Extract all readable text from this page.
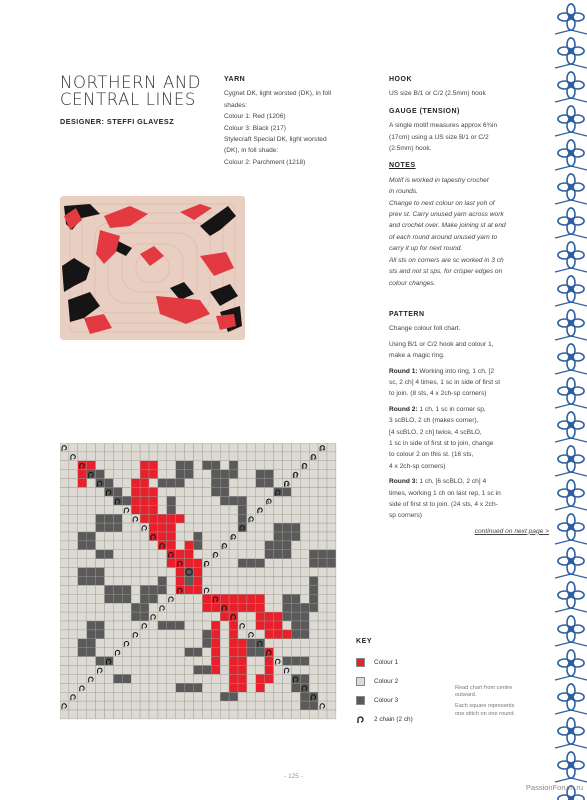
NORTHERN AND
CENTRAL LINES
DESIGNER: STEFFI GLAVESZ
YARN

Cygnet DK, light worsted (DK), in foll

shades:

Colour 1: Red (1206)

Colour 3: Black (217)

Stylecraft Special DK, light worsted

(DK), in foll shade:

Colour 2: Parchment (1218)

HOOK

US size B/1 or C/2 (2.5mm) hook

GAUGE (TENSION)

A single motif measures approx 6¾in

(17cm) using a US size B/1 or C/2

(2.5mm) hook.

NOTES

Motif is worked in tapestry crochet

in rounds.

Change to next colour on last yoh of

prev st. Carry unused yarn across work

and crochet over. Make joining st at end

of each round around unused yarn to

carry it up for next round.

All sts on corners are sc worked in 3 ch

sts and not st sps, for crisper edges on

colour changes.

PATTERN

Change colour foll chart.

Using B/1 or C/2 hook and colour 1,

make a magic ring.

Round 1: Working into ring, 1 ch, [2

sc, 2 ch] 4 times, 1 sc in side of first st

to join. (8 sts, 4 x 2ch-sp corners)

Round 2: 1 ch, 1 sc in corner sp,

3 scBLO, 2 ch (makes corner),

[4 scBLO, 2 ch] twice, 4 scBLO,

1 sc in side of first st to join, change

to colour 2 on this st. (16 sts,

4 x 2ch-sp corners)

Round 3: 1 ch, [6 scBLO, 2 ch] 4

times, working 1 ch on last rep, 1 sc in

side of first st to join. (24 sts, 4 x 2ch-

sp corners)

continued on next page >
1
2
3
4
5
6
7
8
9
10
11
12
13
14
KEY
Colour 1
Colour 2
Colour 3
2 chain (2 ch)

Read chart from centre
outward.

Each square represents
one stitch on one round.

- 125 -
PassionForum.ru
